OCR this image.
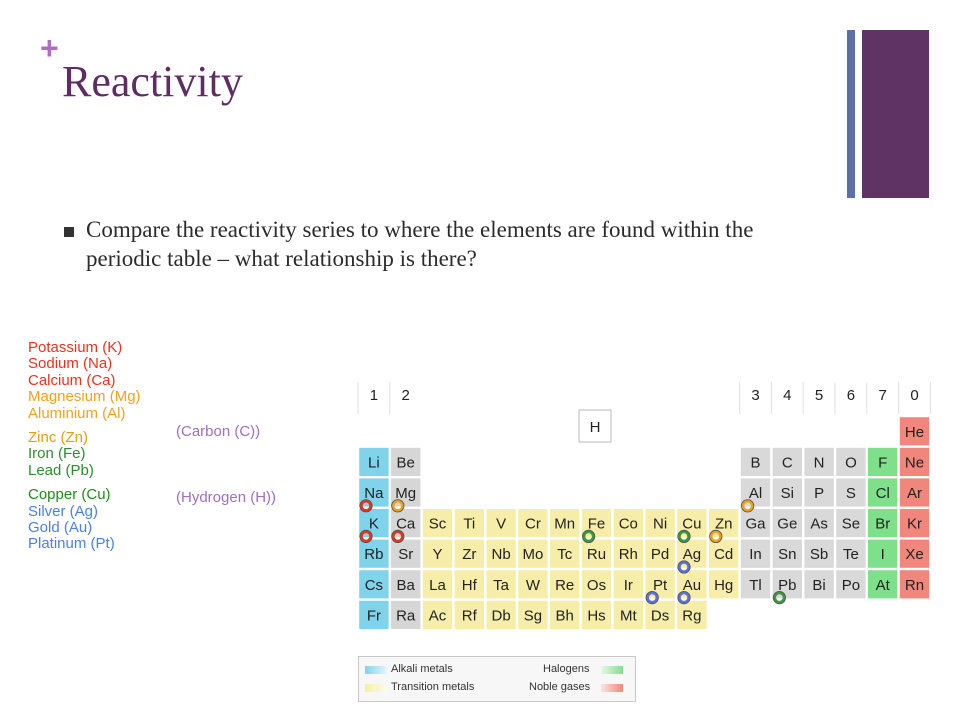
+
Reactivity
Compare the reactivity series to where the elements are found within the periodic table – what relationship is there?
Potassium (K)
Sodium (Na)
Calcium (Ca)
Magnesium (Mg)
Aluminium (Al)
Zinc (Zn)
Iron (Fe)
Lead (Pb)
Copper (Cu)
Silver (Ag)
Gold (Au)
Platinum (Pt)
(Carbon (C))
(Hydrogen (H))
1 2	3 4 5 6 7 0
H	He
Li Be	B C N O F Ne
Na Mg	Al Si P S Cl Ar
K Ca Sc Ti V Cr Mn Fe Co Ni Cu Zn Ga Ge As Se Br Kr
Rb Sr Y Zr Nb Mo Tc Ru Rh Pd Ag Cd In Sn Sb Te I Xe
Cs Ba La Hf Ta W Re Os Ir Pt Au Hg Tl Pb Bi Po At Rn
Fr Ra Ac Rf Db Sg Bh Hs Mt Ds Rg
Alkali metals
Transition metals
Halogens
Noble gases
